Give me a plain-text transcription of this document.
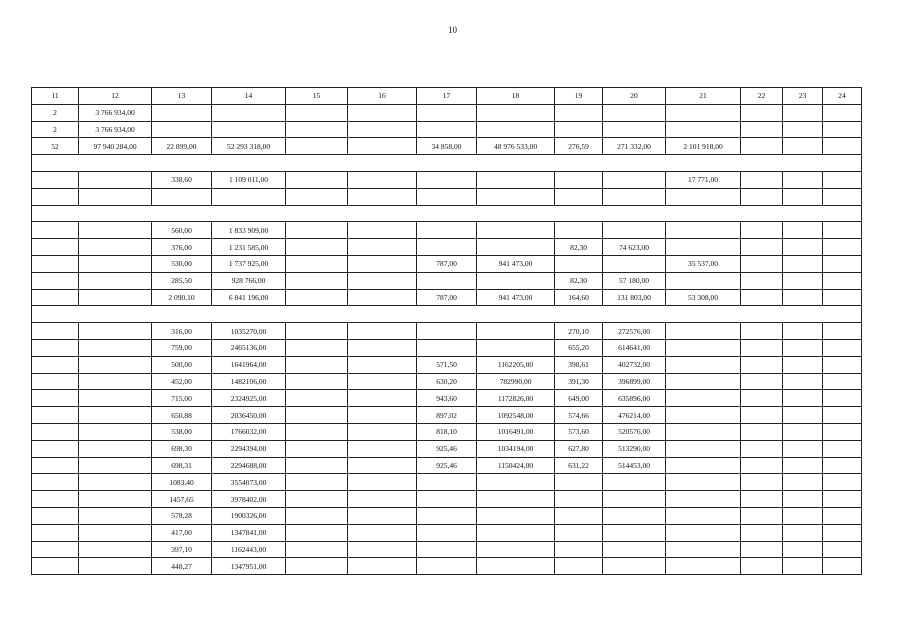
10
11	12	13	14	15	16	17	18	19	20	21	22	23	24
2	3 766 934,00												
2	3 766 934,00												
52	97 940 284,00	22 899,00	52 293 318,00			34 858,00	48 976 533,00	276,59	271 332,00	2 101 918,00			

		338,60	1 109 011,00							17 771,00			

		560,00	1 833 909,00										
		376,00	1 231 585,00					82,30	74 623,00				
		530,00	1 737 925,00			787,00	941 473,00			35 537,00			
		285,50	928 766,00					82,30	57 180,00				
		2 090,10	6 841 196,00			787,00	941 473,00	164,60	131 803,00	53 308,00			

		316,00	1035270,00					270,10	272576,00				
		759,00	2465136,00					655,20	614641,00				
		500,00	1641964,00			571,50	1162205,00	398,61	402732,00				
		452,00	1482106,00			630,20	782990,00	391,30	396899,00				
		715,00	2324925,00			943,60	1172826,00	649,00	635896,00				
		650,88	2036450,00			897,02	1092548,00	574,66	476214,00				
		538,00	1766032,00			818,10	1016491,00	573,60	520576,00				
		698,30	2294394,00			925,46	1034194,00	627,80	513290,00				
		698,31	2294688,00			925,46	1150424,00	631,22	514453,00				
		1083,40	3554073,00										
		1457,65	3978402,00										
		578,28	1900326,00										
		417,00	1347841,00										
		397,10	1162443,00										
		448,27	1347951,00										
